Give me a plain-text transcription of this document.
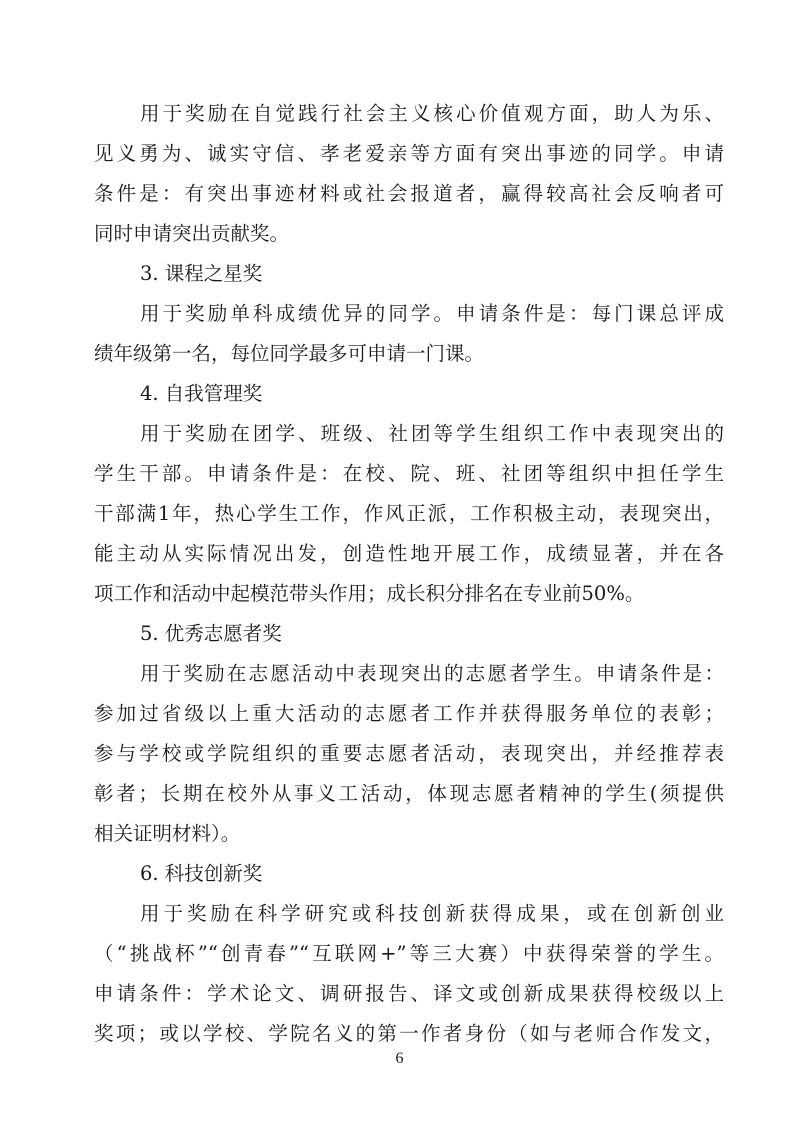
用于奖励在自觉践行社会主义核心价值观方面，助人为乐、
见义勇为、诚实守信、孝老爱亲等方面有突出事迹的同学。申请
条件是：有突出事迹材料或社会报道者，赢得较高社会反响者可
同时申请突出贡献奖。
3. 课程之星奖
用于奖励单科成绩优异的同学。申请条件是：每门课总评成
绩年级第一名，每位同学最多可申请一门课。
4. 自我管理奖
用于奖励在团学、班级、社团等学生组织工作中表现突出的
学生干部。申请条件是：在校、院、班、社团等组织中担任学生
干部满1年，热心学生工作，作风正派，工作积极主动，表现突出，
能主动从实际情况出发，创造性地开展工作，成绩显著，并在各
项工作和活动中起模范带头作用；成长积分排名在专业前50%。
5. 优秀志愿者奖
用于奖励在志愿活动中表现突出的志愿者学生。申请条件是：
参加过省级以上重大活动的志愿者工作并获得服务单位的表彰；
参与学校或学院组织的重要志愿者活动，表现突出，并经推荐表
彰者；长期在校外从事义工活动，体现志愿者精神的学生(须提供
相关证明材料）。
6. 科技创新奖
用于奖励在科学研究或科技创新获得成果，或在创新创业
（“挑战杯”“创青春”“互联网+”等三大赛）中获得荣誉的学生。
申请条件：学术论文、调研报告、译文或创新成果获得校级以上
奖项；或以学校、学院名义的第一作者身份（如与老师合作发文，
6
